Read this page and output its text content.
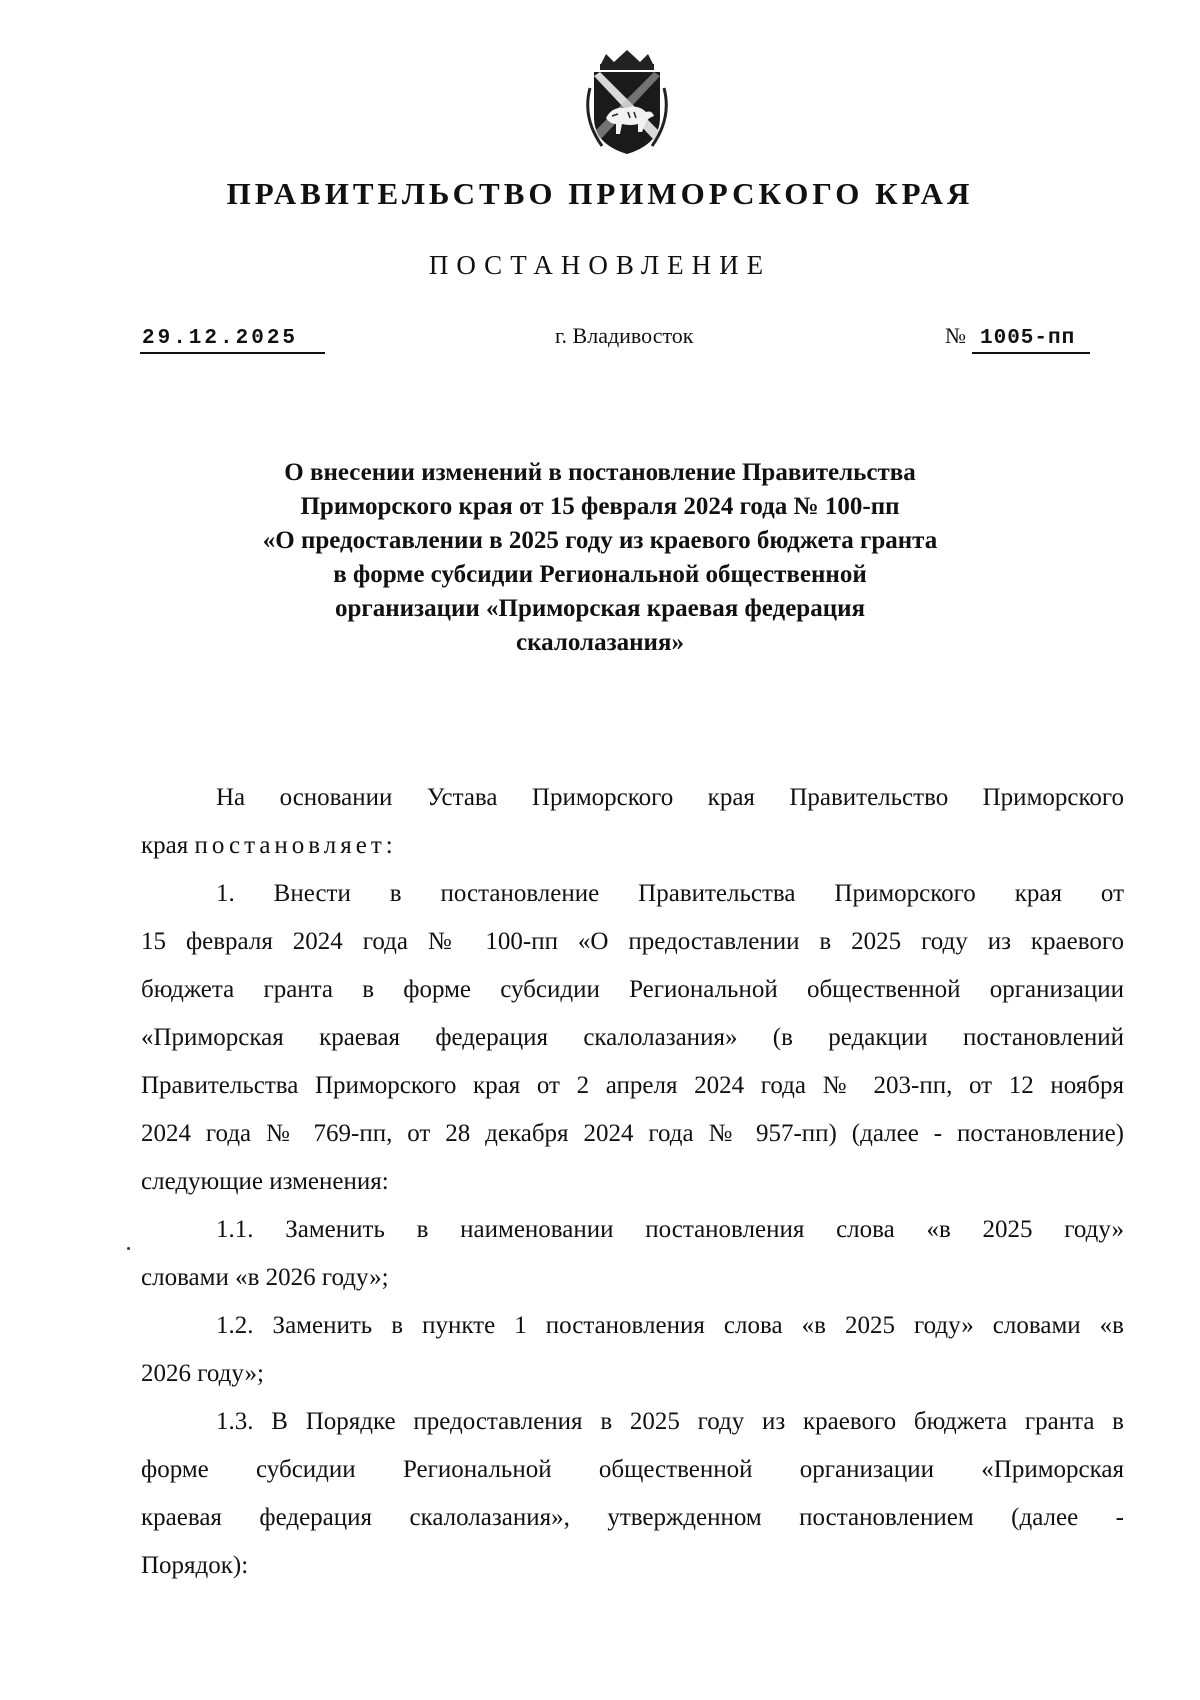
ПРАВИТЕЛЬСТВО ПРИМОРСКОГО КРАЯ
ПОСТАНОВЛЕНИЕ
29.12.2025	г. Владивосток	№ 1005-пп
О внесении изменений в постановление Правительства
Приморского края от 15 февраля 2024 года № 100-пп
«О предоставлении в 2025 году из краевого бюджета гранта
в форме субсидии Региональной общественной
организации «Приморская краевая федерация
скалолазания»
На основании Устава Приморского края Правительство Приморского
края постановляет:
1. Внести в постановление Правительства Приморского края от
15 февраля 2024 года № 100-пп «О предоставлении в 2025 году из краевого
бюджета гранта в форме субсидии Региональной общественной организации
«Приморская краевая федерация скалолазания» (в редакции постановлений
Правительства Приморского края от 2 апреля 2024 года № 203-пп, от 12 ноября
2024 года № 769-пп, от 28 декабря 2024 года № 957-пп) (далее - постановление)
следующие изменения:
1.1. Заменить в наименовании постановления слова «в 2025 году»
словами «в 2026 году»;
1.2. Заменить в пункте 1 постановления слова «в 2025 году» словами «в
2026 году»;
1.3. В Порядке предоставления в 2025 году из краевого бюджета гранта в
форме субсидии Региональной общественной организации «Приморская
краевая федерация скалолазания», утвержденном постановлением (далее -
Порядок):
